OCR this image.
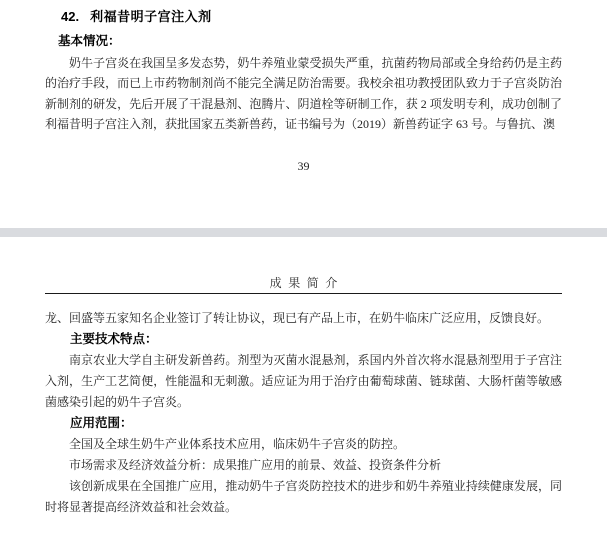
42. 利福昔明子宫注入剂
基本情况：

奶牛子宫炎在我国呈多发态势，奶牛养殖业蒙受损失严重，抗菌药物局部或全身给药仍是主药的治疗手段，而已上市药物制剂尚不能完全满足防治需要。我校余祖功教授团队致力于子宫炎防治新制剂的研发，先后开展了干混悬剂、泡腾片、阴道栓等研制工作，获 2 项发明专利，成功创制了利福昔明子宫注入剂，获批国家五类新兽药，证书编号为（2019）新兽药证字 63 号。与鲁抗、澳

39
成果简介

龙、回盛等五家知名企业签订了转让协议，现已有产品上市，在奶牛临床广泛应用，反馈良好。

主要技术特点：

南京农业大学自主研发新兽药。剂型为灭菌水混悬剂，系国内外首次将水混悬剂型用于子宫注入剂，生产工艺简便，性能温和无刺激。适应证为用于治疗由葡萄球菌、链球菌、大肠杆菌等敏感菌感染引起的奶牛子宫炎。

应用范围：

全国及全球生奶牛产业体系技术应用，临床奶牛子宫炎的防控。

市场需求及经济效益分析：成果推广应用的前景、效益、投资条件分析

该创新成果在全国推广应用，推动奶牛子宫炎防控技术的进步和奶牛养殖业持续健康发展，同时将显著提高经济效益和社会效益。
